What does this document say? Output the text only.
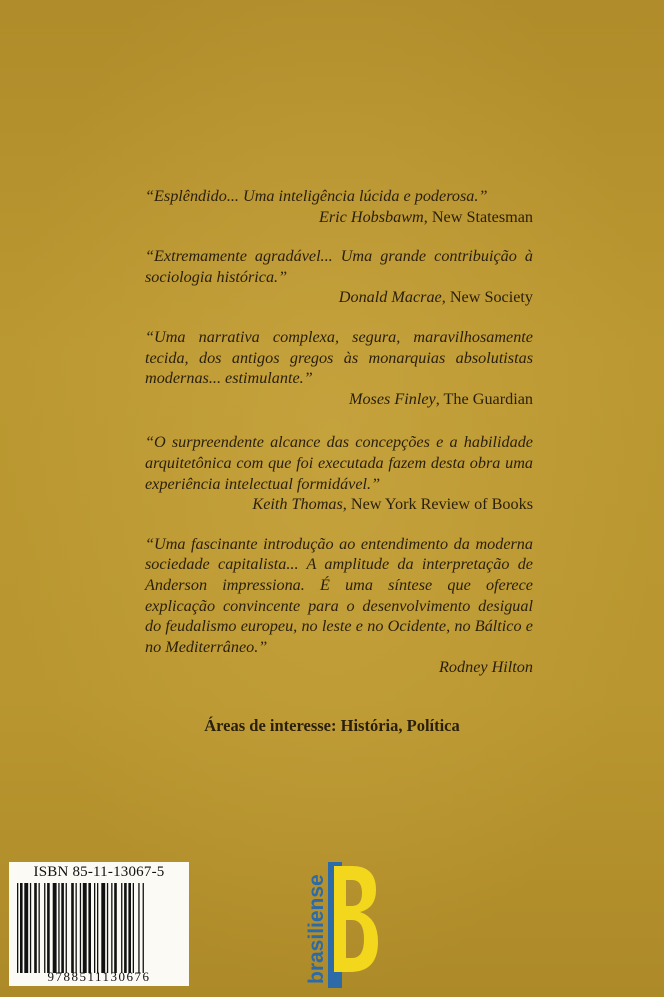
“Esplêndido... Uma inteligência lúcida e poderosa.”
Eric Hobsbawm, New Statesman
“Extremamente agradável... Uma grande contribuição à sociologia histórica.”
Donald Macrae, New Society
“Uma narrativa complexa, segura, maravilhosamente tecida, dos antigos gregos às monarquias absolutistas modernas... estimulante.”
Moses Finley, The Guardian
“O surpreendente alcance das concepções e a habilidade arquitetônica com que foi executada fazem desta obra uma experiência intelectual formidável.”
Keith Thomas, New York Review of Books
“Uma fascinante introdução ao entendimento da moderna sociedade capitalista... A amplitude da interpretação de Anderson impressiona. É uma síntese que oferece explicação convincente para o desenvolvimento desigual do feudalismo europeu, no leste e no Ocidente, no Báltico e no Mediterrâneo.”
Rodney Hilton
Áreas de interesse: História, Política
ISBN 85-11-13067-5
9788511130676	brasiliense
